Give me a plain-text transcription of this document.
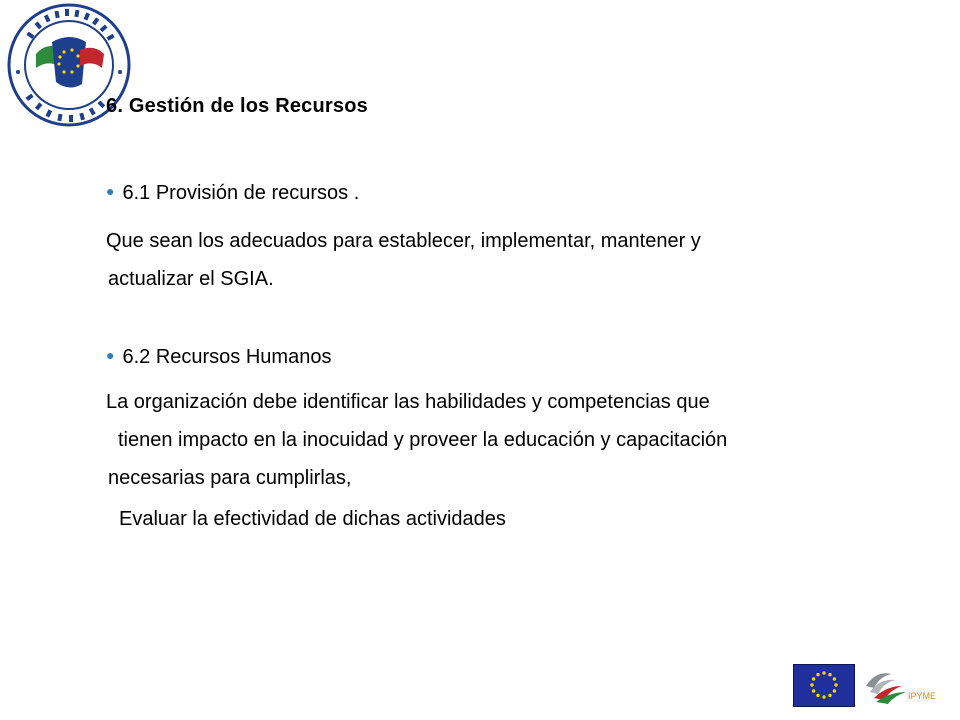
6. Gestión de los Recursos
● 6.1 Provisión de recursos .
Que sean los adecuados para establecer, implementar, mantener y
actualizar el SGIA.
● 6.2 Recursos Humanos
La organización debe identificar las habilidades y competencias que
tienen impacto en la inocuidad y proveer la educación y capacitación
necesarias para cumplirlas,
Evaluar la efectividad de dichas actividades
IPYME
